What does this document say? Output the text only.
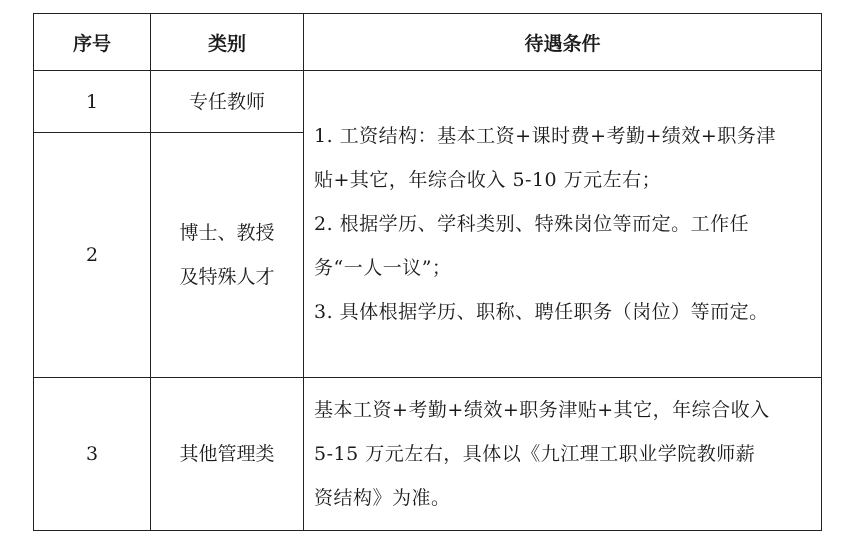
序号	类别	待遇条件
1	专任教师	1. 工资结构：基本工资+课时费+考勤+绩效+职务津
贴+其它，年综合收入 5-10 万元左右；
2. 根据学历、学科类别、特殊岗位等而定。工作任
务“一人一议”；
3. 具体根据学历、职称、聘任职务（岗位）等而定。

2	博士、教授
及特殊人才	

3	其他管理类	基本工资+考勤+绩效+职务津贴+其它，年综合收入
5-15 万元左右，具体以《九江理工职业学院教师薪
资结构》为准。
